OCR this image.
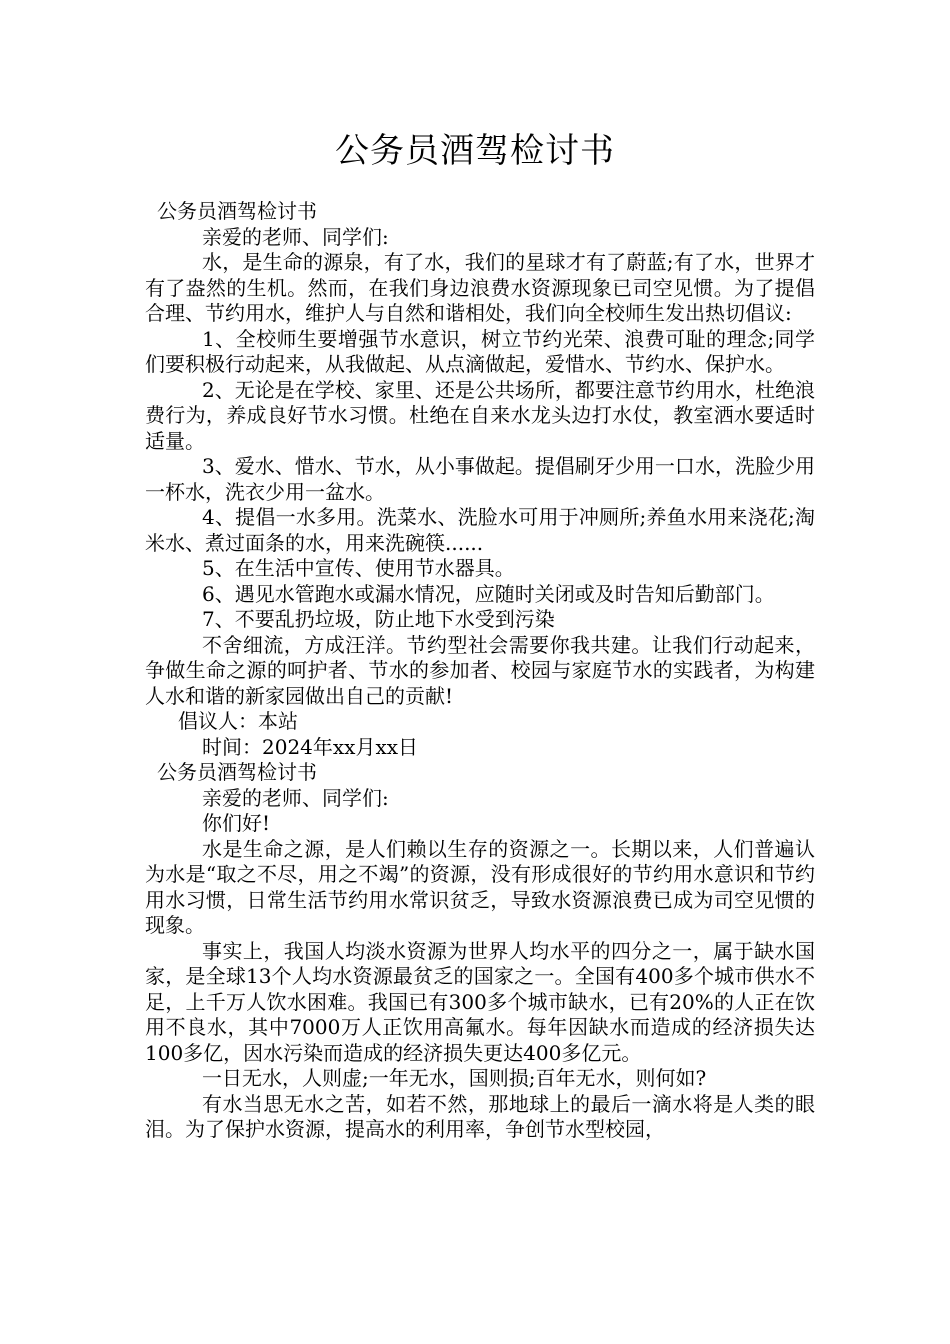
公务员酒驾检讨书

公务员酒驾检讨书

亲爱的老师、同学们:

水，是生命的源泉，有了水，我们的星球才有了蔚蓝;有了水，世界才有了盎然的生机。然而，在我们身边浪费水资源现象已司空见惯。为了提倡合理、节约用水，维护人与自然和谐相处，我们向全校师生发出热切倡议:

1、全校师生要增强节水意识，树立节约光荣、浪费可耻的理念;同学们要积极行动起来，从我做起、从点滴做起，爱惜水、节约水、保护水。

2、无论是在学校、家里、还是公共场所，都要注意节约用水，杜绝浪费行为，养成良好节水习惯。杜绝在自来水龙头边打水仗，教室洒水要适时适量。

3、爱水、惜水、节水，从小事做起。提倡刷牙少用一口水，洗脸少用一杯水，洗衣少用一盆水。

4、提倡一水多用。洗菜水、洗脸水可用于冲厕所;养鱼水用来浇花;淘米水、煮过面条的水，用来洗碗筷......

5、在生活中宣传、使用节水器具。

6、遇见水管跑水或漏水情况，应随时关闭或及时告知后勤部门。

7、不要乱扔垃圾，防止地下水受到污染

不舍细流，方成汪洋。节约型社会需要你我共建。让我们行动起来，争做生命之源的呵护者、节水的参加者、校园与家庭节水的实践者，为构建人水和谐的新家园做出自己的贡献!

倡议人：本站

时间：2024年xx月xx日

公务员酒驾检讨书

亲爱的老师、同学们:

你们好!

水是生命之源，是人们赖以生存的资源之一。长期以来，人们普遍认为水是“取之不尽，用之不竭”的资源，没有形成很好的节约用水意识和节约用水习惯，日常生活节约用水常识贫乏，导致水资源浪费已成为司空见惯的现象。

事实上，我国人均淡水资源为世界人均水平的四分之一，属于缺水国家，是全球13个人均水资源最贫乏的国家之一。全国有400多个城市供水不足，上千万人饮水困难。我国已有300多个城市缺水，已有20%的人正在饮用不良水，其中7000万人正饮用高氟水。每年因缺水而造成的经济损失达100多亿，因水污染而造成的经济损失更达400多亿元。

一日无水，人则虚;一年无水，国则损;百年无水，则何如?

有水当思无水之苦，如若不然，那地球上的最后一滴水将是人类的眼泪。为了保护水资源，提高水的利用率，争创节水型校园，
